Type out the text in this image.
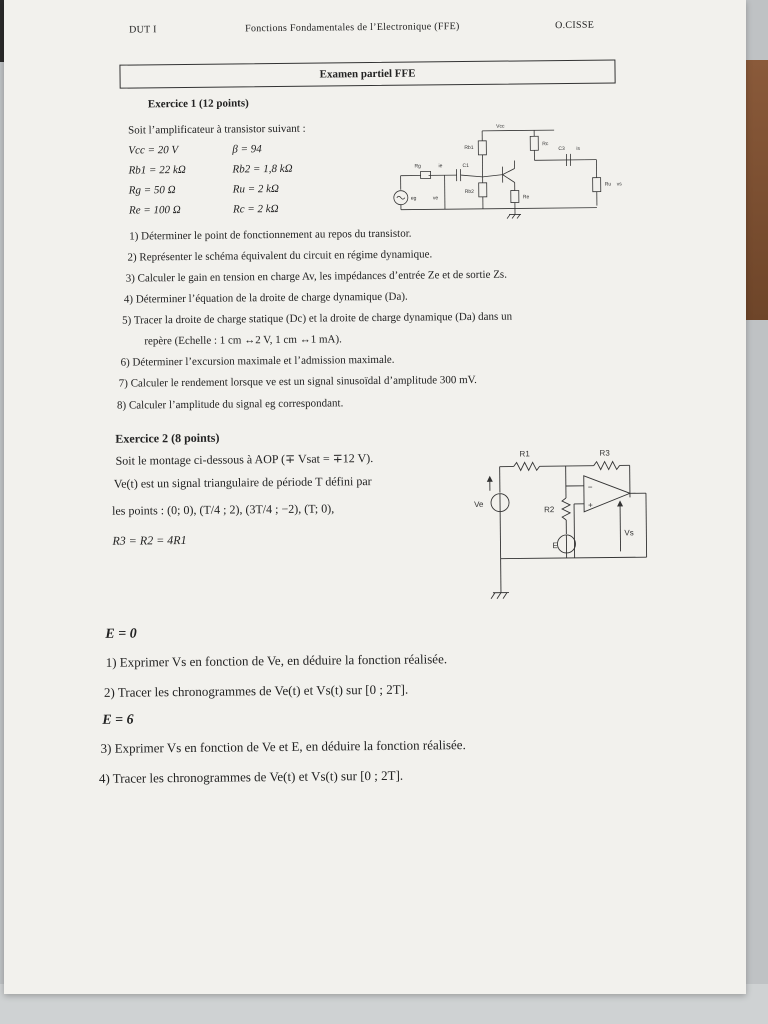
DUT I	Fonctions Fondamentales de l’Electronique (FFE)	O.CISSE
Examen partiel FFE
Exercice 1 (12 points)
Soit l’amplificateur à transistor suivant :
Vcc = 20 V	β = 94
Rb1 = 22 kΩ	Rb2 = 1,8 kΩ
Rg = 50 Ω	Ru = 2 kΩ
Re = 100 Ω	Rc = 2 kΩ
Vcc
Rb1
Rc
C3 is
C1
Rg	ie
Rb2
Re
Ru vs
eg	ve
1) Déterminer le point de fonctionnement au repos du transistor.
2) Représenter le schéma équivalent du circuit en régime dynamique.
3) Calculer le gain en tension en charge Av, les impédances d’entrée Ze et de sortie Zs.
4) Déterminer l’équation de la droite de charge dynamique (Da).
5) Tracer la droite de charge statique (Dc) et la droite de charge dynamique (Da) dans un
repère (Echelle : 1 cm ↔2 V, 1 cm ↔1 mA).
6) Déterminer l’excursion maximale et l’admission maximale.
7) Calculer le rendement lorsque ve est un signal sinusoïdal d’amplitude 300 mV.
8) Calculer l’amplitude du signal eg correspondant.
Exercice 2 (8 points)
Soit le montage ci-dessous à AOP (∓ Vsat = ∓12 V).
Ve(t) est un signal triangulaire de période T défini par
les points : (0; 0), (T/4 ; 2), (3T/4 ; −2), (T; 0),
R3 = R2 = 4R1
R1	R3
R2
Ve
Vs
E
−
+
E = 0
1) Exprimer Vs en fonction de Ve, en déduire la fonction réalisée.
2) Tracer les chronogrammes de Ve(t) et Vs(t) sur [0 ; 2T].
E = 6
3) Exprimer Vs en fonction de Ve et E, en déduire la fonction réalisée.
4) Tracer les chronogrammes de Ve(t) et Vs(t) sur [0 ; 2T].
